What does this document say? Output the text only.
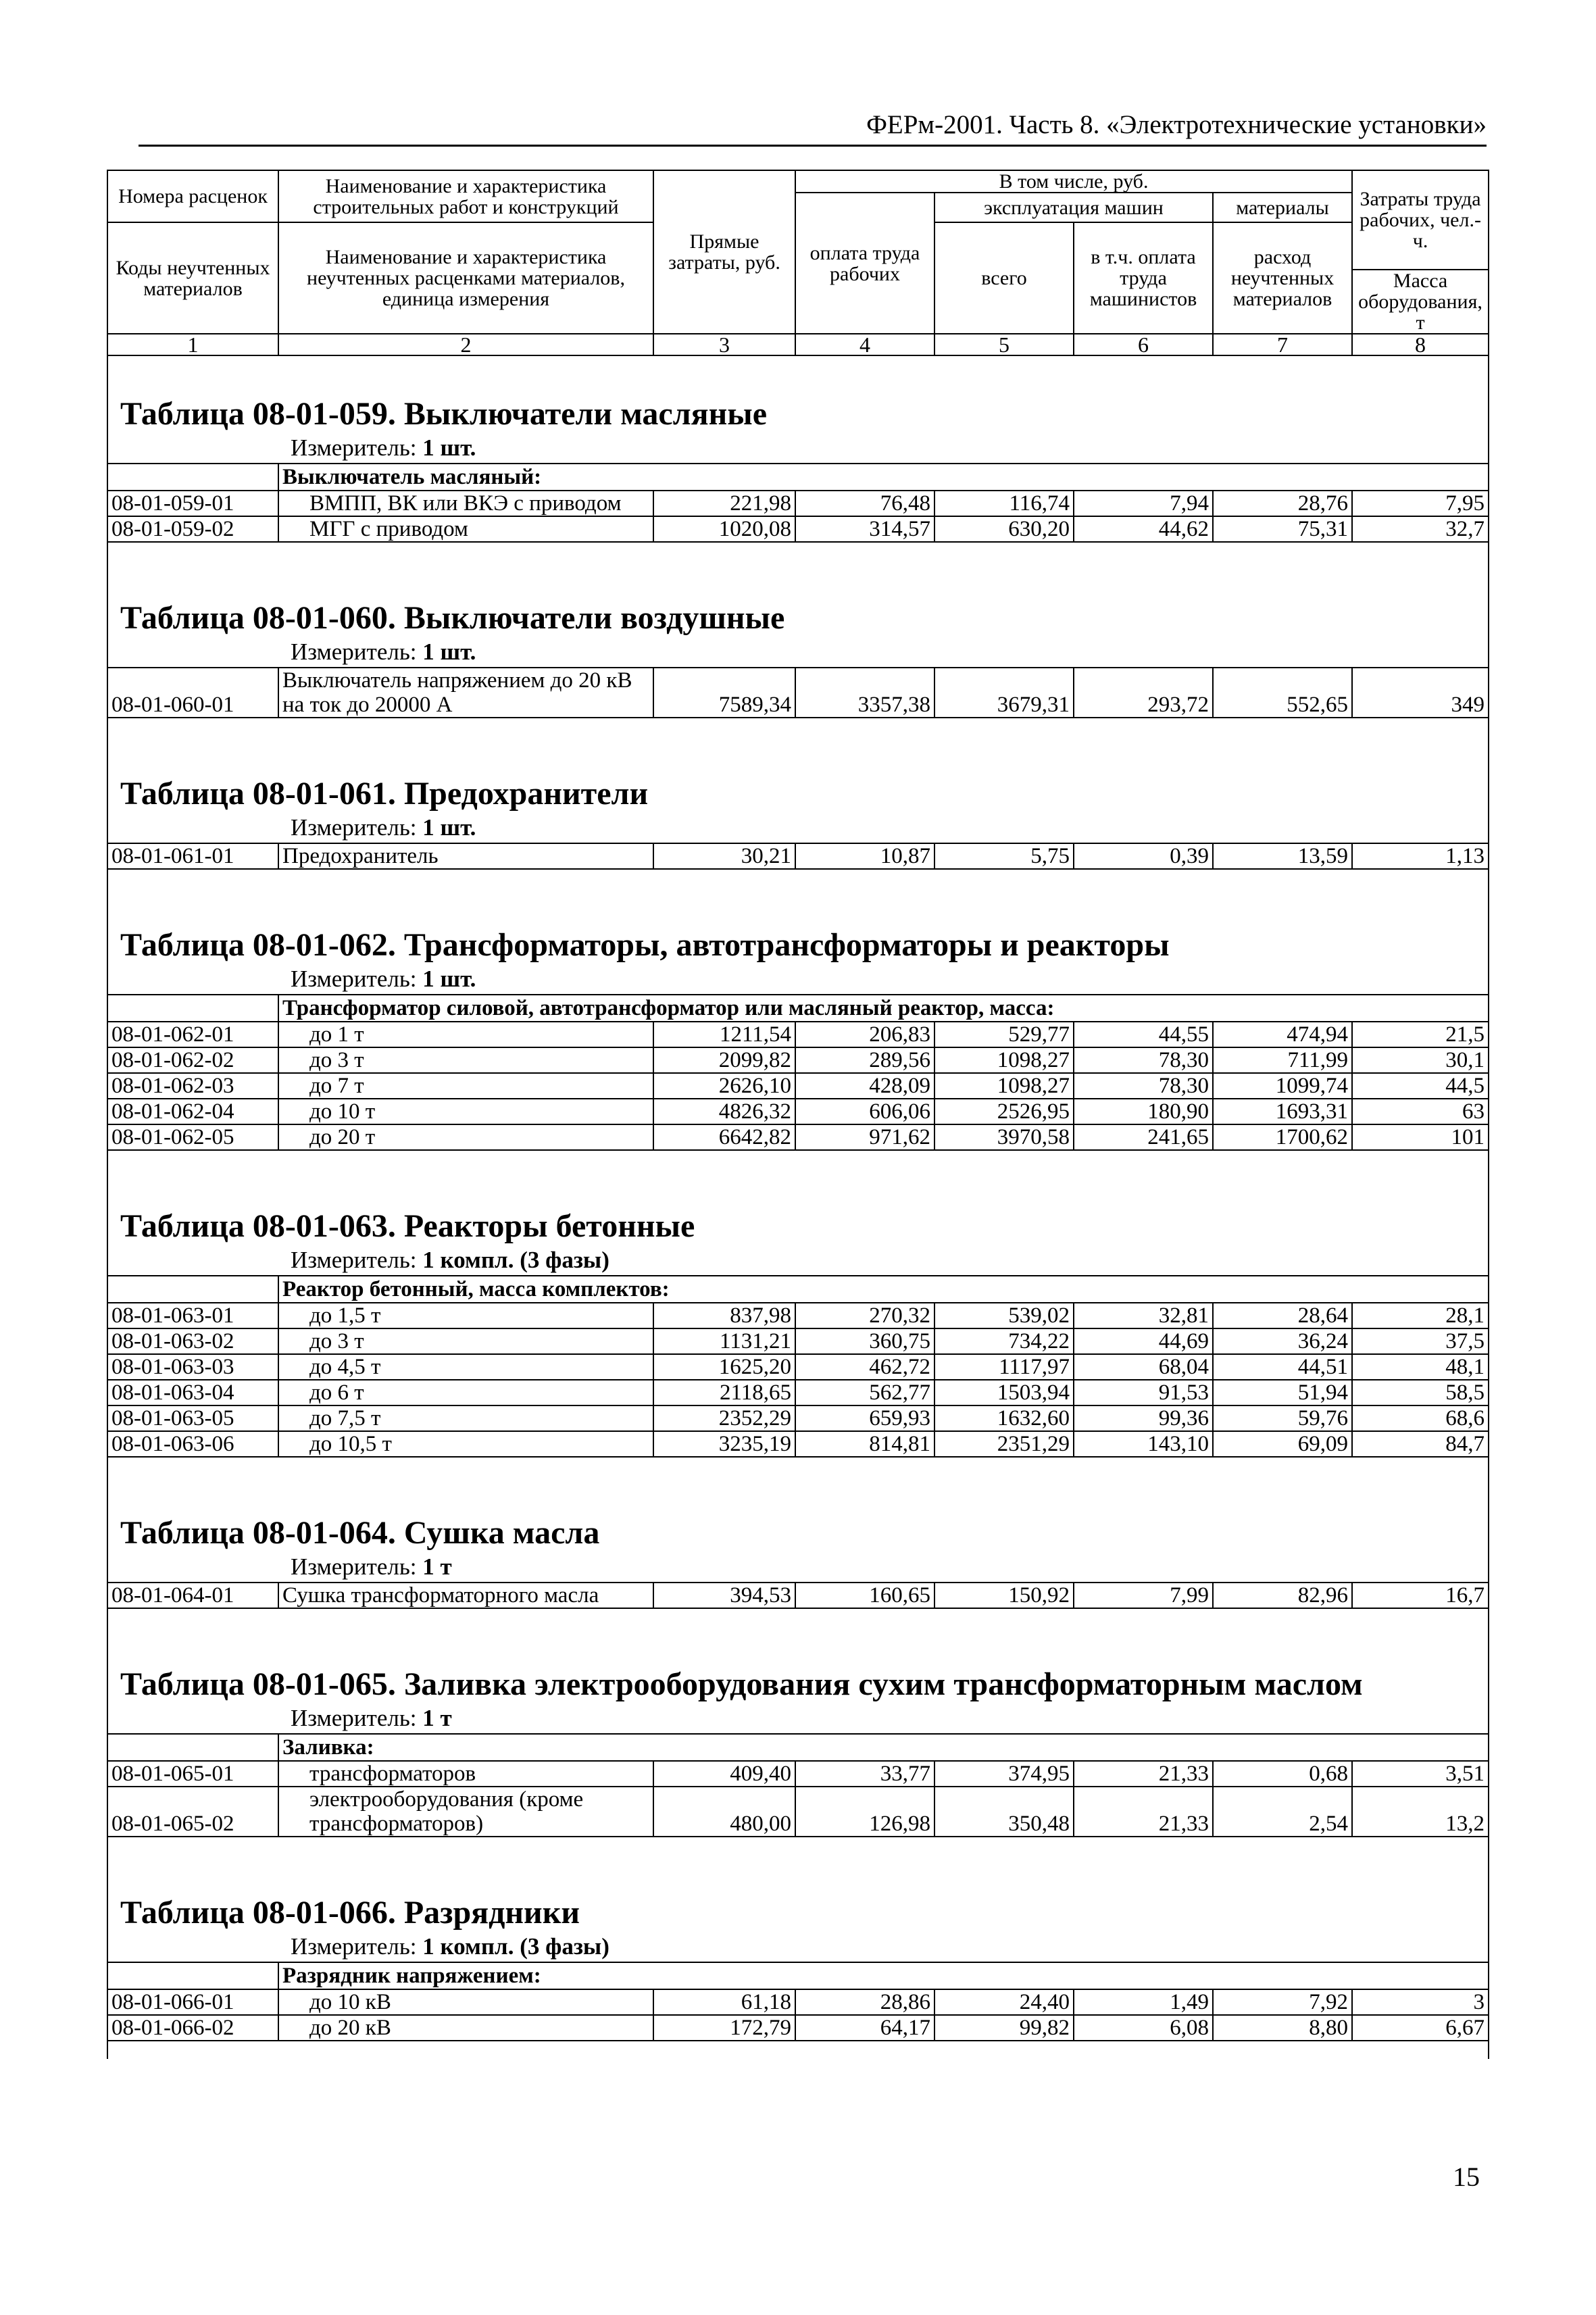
ФЕРм-2001. Часть 8. «Электротехнические установки»
Номера расценок	Наименование и характеристика строительных работ и конструкций	Прямые затраты, руб.	В том числе, руб.				Затраты труда рабочих, чел.-ч.
			оплата труда рабочих	эксплуатация машин		материалы	
Коды неучтенных материалов	Наименование и характеристика неучтенных расценками материалов, единица измерения			всего	в т.ч. оплата труда машинистов	расход неучтенных материалов	
							Масса оборудования, т
1	2	3	4	5	6	7	8
Таблица 08-01-059. Выключатели масляные							
Измеритель: 1 шт.							
	Выключатель масляный:						
08-01-059-01	ВМПП, ВК или ВКЭ с приводом	221,98	76,48	116,74	7,94	28,76	7,95
08-01-059-02	МГГ с приводом	1020,08	314,57	630,20	44,62	75,31	32,7

Таблица 08-01-060. Выключатели воздушные							
Измеритель: 1 шт.							
08-01-060-01	Выключатель напряжением до 20 кВ на ток до 20000 А	7589,34	3357,38	3679,31	293,72	552,65	349

Таблица 08-01-061. Предохранители							
Измеритель: 1 шт.							
08-01-061-01	Предохранитель	30,21	10,87	5,75	0,39	13,59	1,13

Таблица 08-01-062. Трансформаторы, автотрансформаторы и реакторы							
Измеритель: 1 шт.							
	Трансформатор силовой, автотрансформатор или масляный реактор, масса:						
08-01-062-01	до 1 т	1211,54	206,83	529,77	44,55	474,94	21,5
08-01-062-02	до 3 т	2099,82	289,56	1098,27	78,30	711,99	30,1
08-01-062-03	до 7 т	2626,10	428,09	1098,27	78,30	1099,74	44,5
08-01-062-04	до 10 т	4826,32	606,06	2526,95	180,90	1693,31	63
08-01-062-05	до 20 т	6642,82	971,62	3970,58	241,65	1700,62	101

Таблица 08-01-063. Реакторы бетонные							
Измеритель: 1 компл. (3 фазы)							
	Реактор бетонный, масса комплектов:						
08-01-063-01	до 1,5 т	837,98	270,32	539,02	32,81	28,64	28,1
08-01-063-02	до 3 т	1131,21	360,75	734,22	44,69	36,24	37,5
08-01-063-03	до 4,5 т	1625,20	462,72	1117,97	68,04	44,51	48,1
08-01-063-04	до 6 т	2118,65	562,77	1503,94	91,53	51,94	58,5
08-01-063-05	до 7,5 т	2352,29	659,93	1632,60	99,36	59,76	68,6
08-01-063-06	до 10,5 т	3235,19	814,81	2351,29	143,10	69,09	84,7

Таблица 08-01-064. Сушка масла							
Измеритель: 1 т							
08-01-064-01	Сушка трансформаторного масла	394,53	160,65	150,92	7,99	82,96	16,7

Таблица 08-01-065. Заливка электрооборудования сухим трансформаторным маслом							
Измеритель: 1 т							
	Заливка:						
08-01-065-01	трансформаторов	409,40	33,77	374,95	21,33	0,68	3,51
08-01-065-02	электрооборудования (кроме трансформаторов)	480,00	126,98	350,48	21,33	2,54	13,2

Таблица 08-01-066. Разрядники							
Измеритель: 1 компл. (3 фазы)							
	Разрядник напряжением:						
08-01-066-01	до 10 кВ	61,18	28,86	24,40	1,49	7,92	3
08-01-066-02	до 20 кВ	172,79	64,17	99,82	6,08	8,80	6,67

15
